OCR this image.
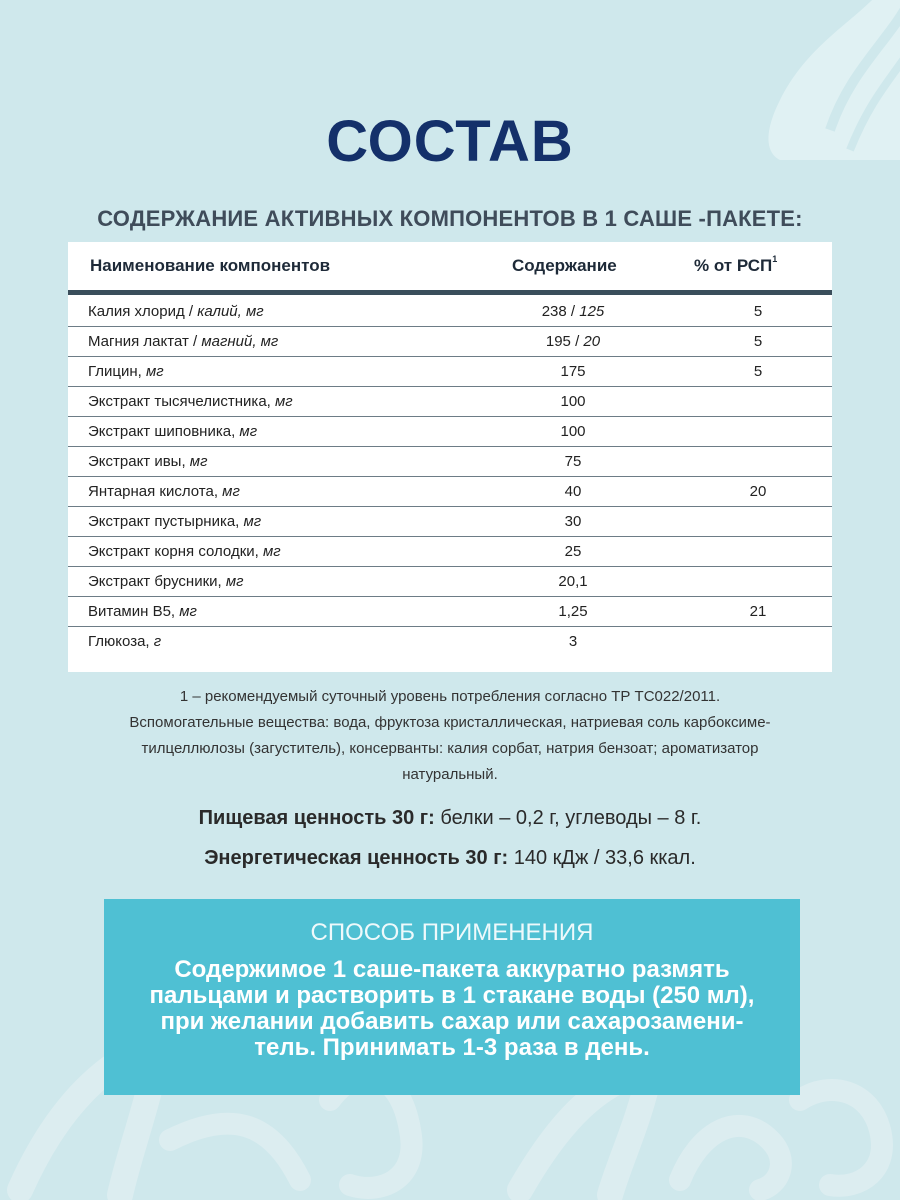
СОСТАВ
СОДЕРЖАНИЕ АКТИВНЫХ КОМПОНЕНТОВ В 1 САШЕ -ПАКЕТЕ:
Наименование компонентов	Содержание	% от РСП$^1$
Калия хлорид / калий, мг	238 / 125	5
Магния лактат / магний, мг	195 / 20	5
Глицин, мг	175	5
Экстракт тысячелистника, мг	100
Экстракт шиповника, мг	100
Экстракт ивы, мг	75
Янтарная кислота, мг	40	20
Экстракт пустырника, мг	30
Экстракт корня солодки, мг	25
Экстракт брусники, мг	20,1
Витамин В5, мг	1,25	21
Глюкоза, г	3
1 – рекомендуемый суточный уровень потребления согласно ТР ТС022/2011.
Вспомогательные вещества: вода, фруктоза кристаллическая, натриевая соль карбоксиме-
тилцеллюлозы (загуститель), консерванты: калия сорбат, натрия бензоат; ароматизатор
натуральный.
Пищевая ценность 30 г: белки – 0,2 г, углеводы – 8 г.
Энергетическая ценность 30 г: 140 кДж / 33,6 ккал.
СПОСОБ ПРИМЕНЕНИЯ
Содержимое 1 саше-пакета аккуратно размять
пальцами и растворить в 1 стакане воды (250 мл),
при желании добавить сахар или сахарозамени-
тель. Принимать 1-3 раза в день.
